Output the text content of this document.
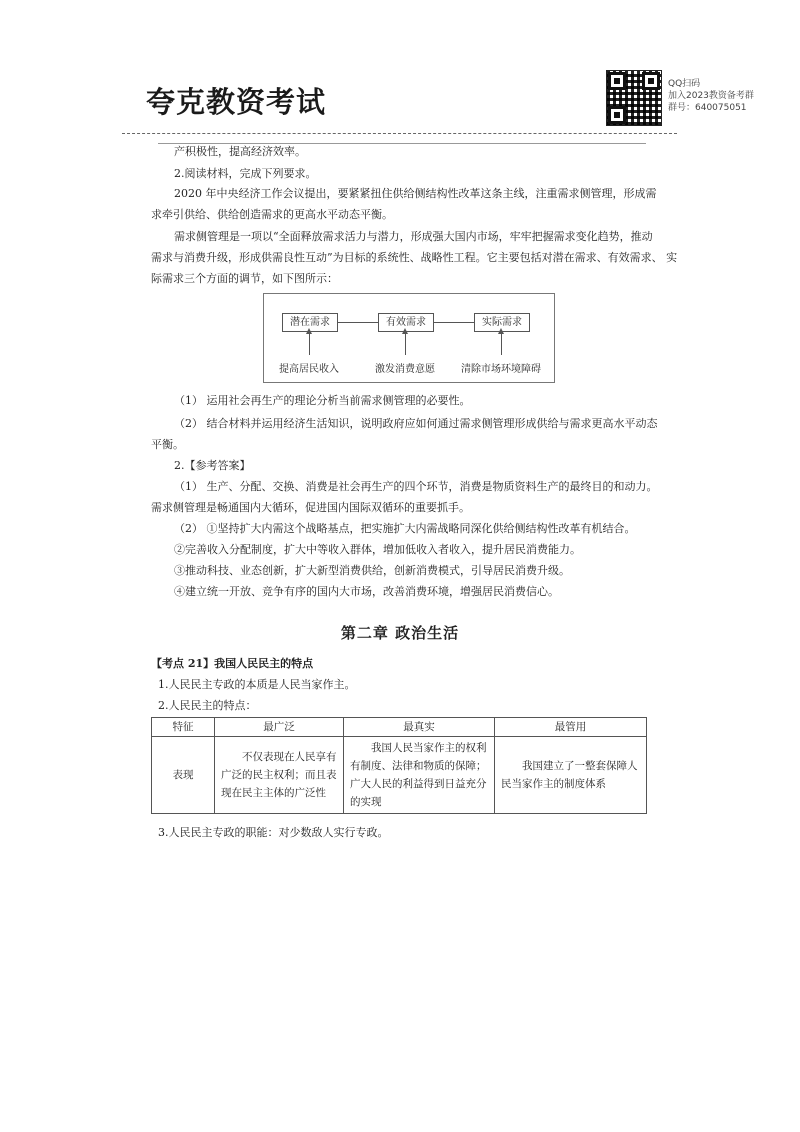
夸克教资考试
QQ扫码
加入2023教资备考群
群号：640075051
产积极性，提高经济效率。
2.阅读材料，完成下列要求。
2020 年中央经济工作会议提出，要紧紧扭住供给侧结构性改革这条主线，注重需求侧管理，形成需
求牵引供给、供给创造需求的更高水平动态平衡。
需求侧管理是一项以“全面释放需求活力与潜力，形成强大国内市场，牢牢把握需求变化趋势，推动
需求与消费升级，形成供需良性互动”为目标的系统性、战略性工程。它主要包括对潜在需求、有效需求、 实
际需求三个方面的调节，如下图所示：
潜在需求	有效需求	实际需求
提高居民收入	激发消费意愿	清除市场环境障碍
（1） 运用社会再生产的理论分析当前需求侧管理的必要性。
（2） 结合材料并运用经济生活知识，说明政府应如何通过需求侧管理形成供给与需求更高水平动态
平衡。
2.【参考答案】
（1） 生产、分配、交换、消费是社会再生产的四个环节，消费是物质资料生产的最终目的和动力。
需求侧管理是畅通国内大循环，促进国内国际双循环的重要抓手。
（2） ①坚持扩大内需这个战略基点，把实施扩大内需战略同深化供给侧结构性改革有机结合。
②完善收入分配制度，扩大中等收入群体，增加低收入者收入，提升居民消费能力。
③推动科技、业态创新，扩大新型消费供给，创新消费模式，引导居民消费升级。
④建立统一开放、竞争有序的国内大市场，改善消费环境，增强居民消费信心。
第二章 政治生活
【考点 21】我国人民民主的特点
1.人民民主专政的本质是人民当家作主。
2.人民民主的特点：
特征	最广泛	最真实	最管用
表现	不仅表现在人民享有广泛的民主权利；而且表现在民主主体的广泛性	我国人民当家作主的权利有制度、法律和物质的保障；广大人民的利益得到日益充分的实现	我国建立了一整套保障人民当家作主的制度体系
3.人民民主专政的职能：对少数敌人实行专政。
